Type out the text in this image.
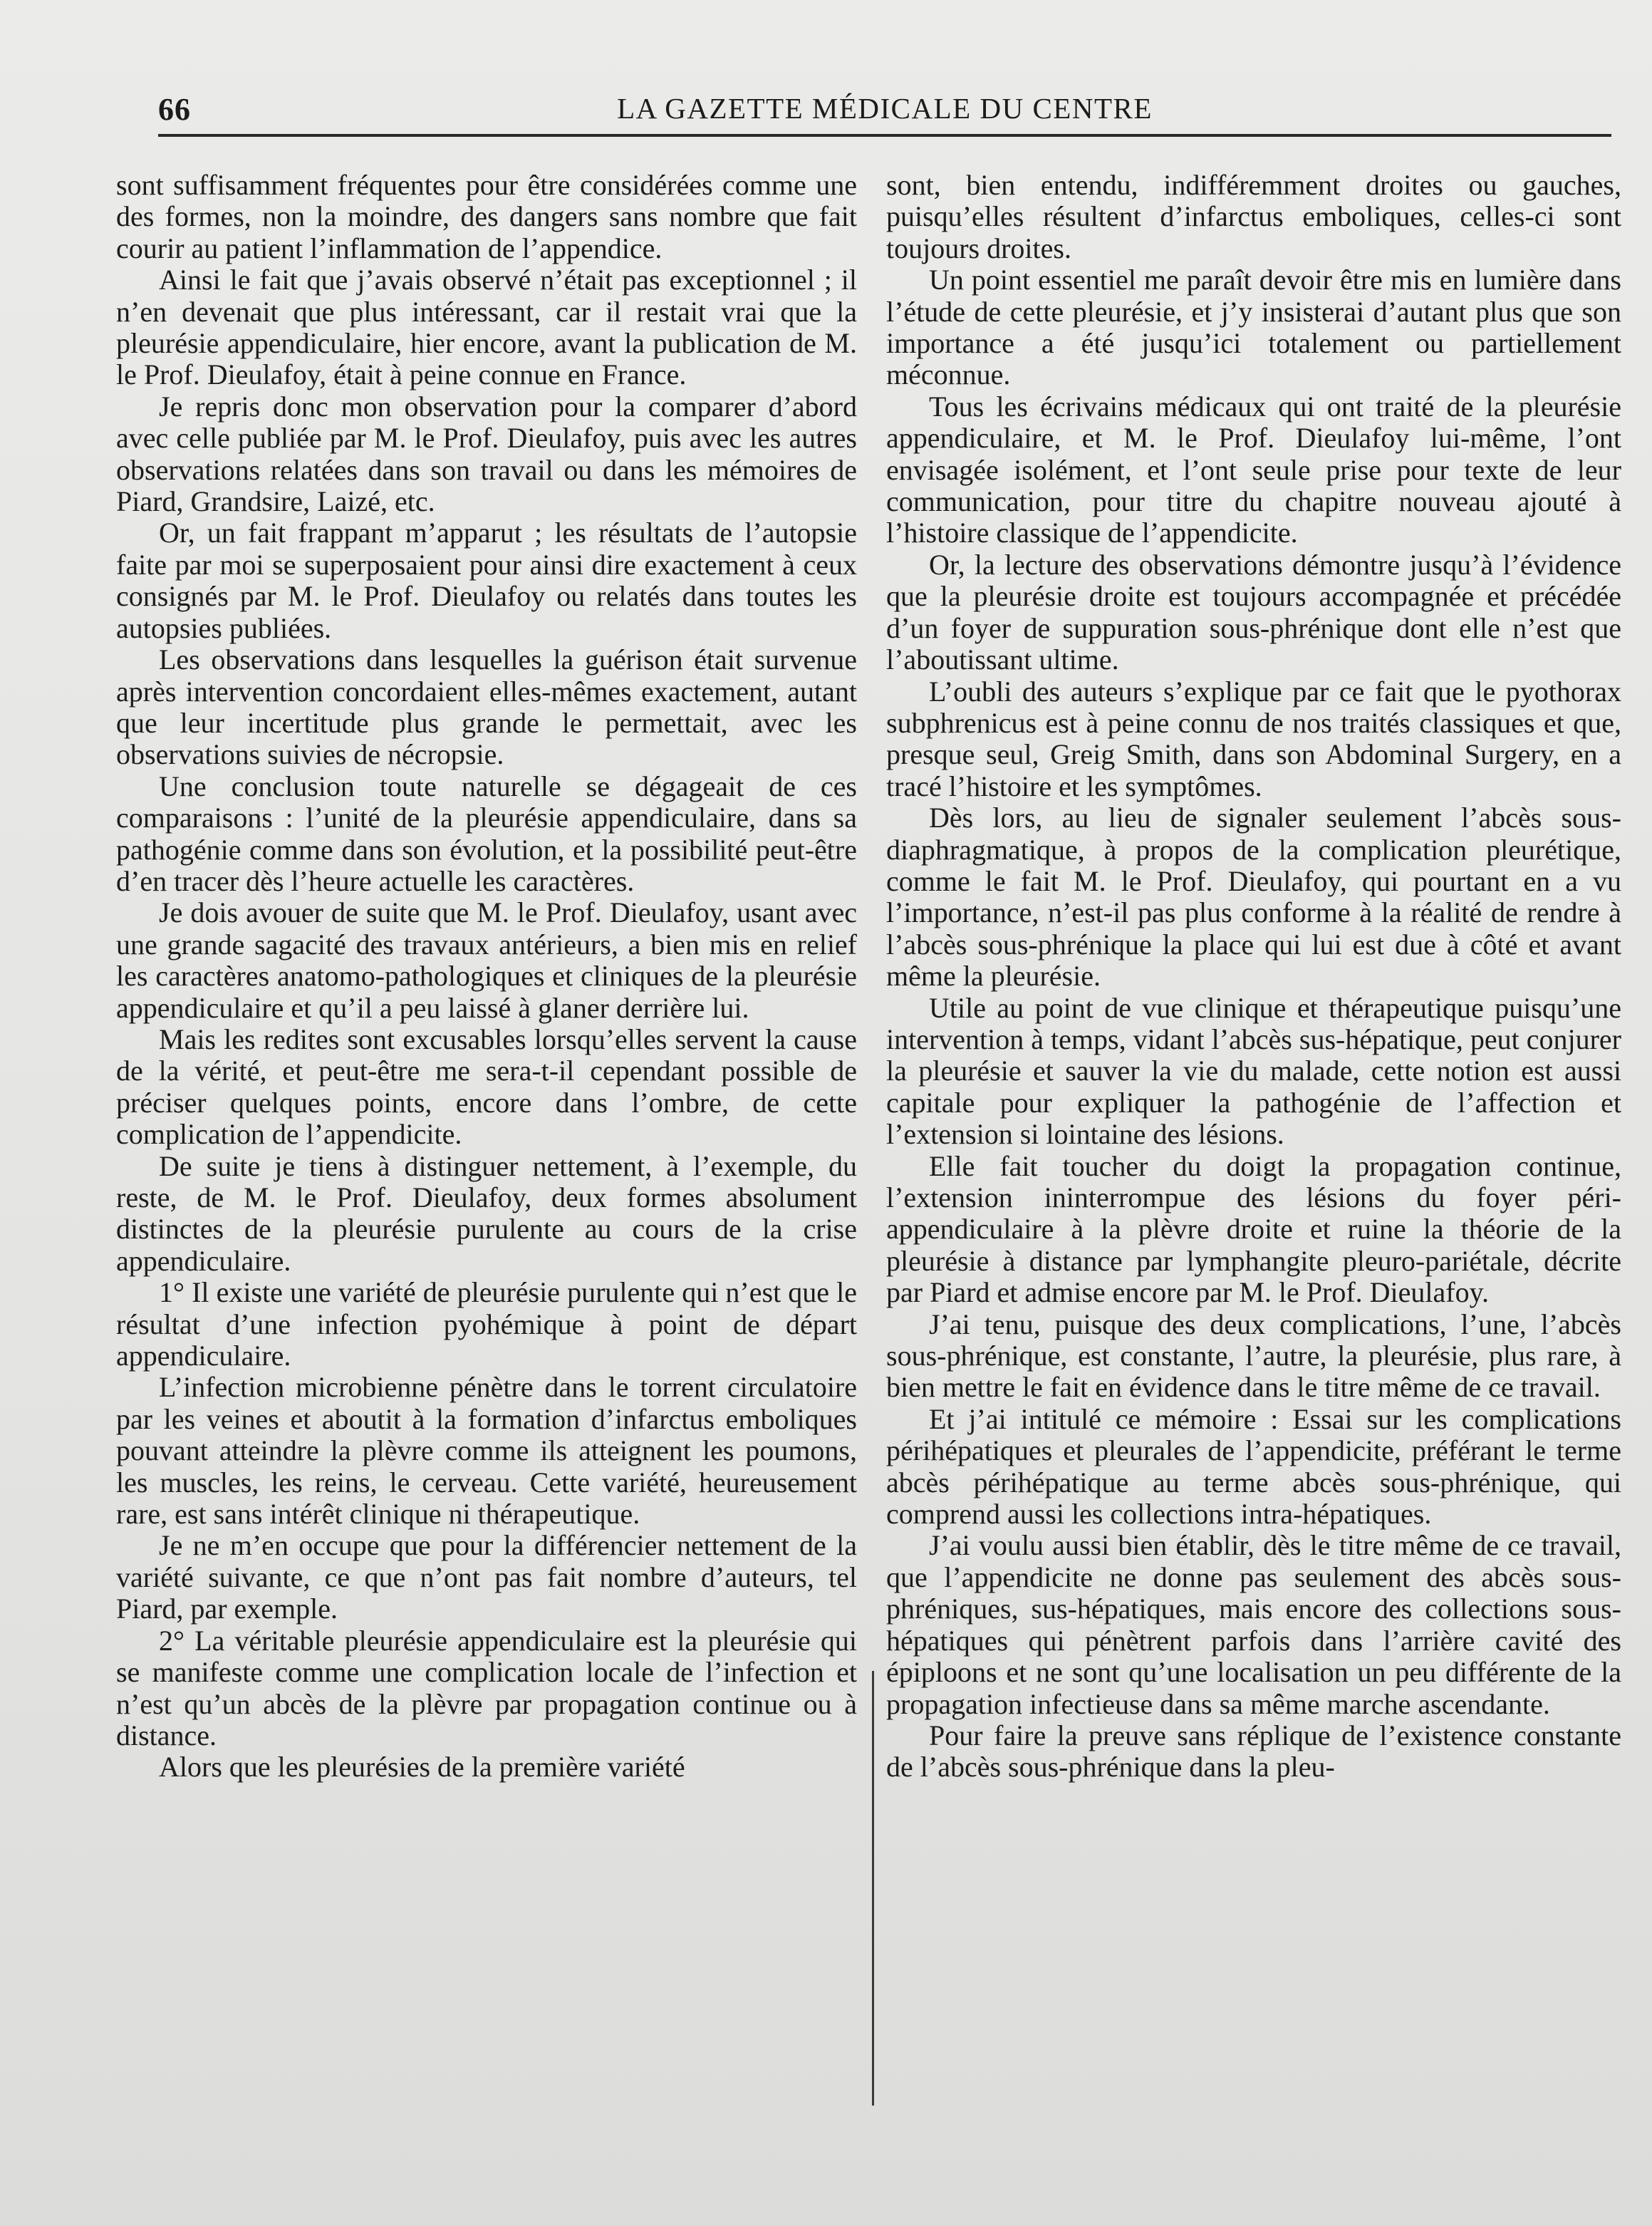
66	LA GAZETTE MÉDICALE DU CENTRE

sont suffisamment fréquentes pour être considérées comme une des formes, non la moindre, des dangers sans nombre que fait courir au patient l’inflammation de l’appendice.

Ainsi le fait que j’avais observé n’était pas exceptionnel ; il n’en devenait que plus intéressant, car il restait vrai que la pleurésie appendiculaire, hier encore, avant la publication de M. le Prof. Dieulafoy, était à peine connue en France.

Je repris donc mon observation pour la comparer d’abord avec celle publiée par M. le Prof. Dieulafoy, puis avec les autres observations relatées dans son travail ou dans les mémoires de Piard, Grandsire, Laizé, etc.

Or, un fait frappant m’apparut ; les résultats de l’autopsie faite par moi se superposaient pour ainsi dire exactement à ceux consignés par M. le Prof. Dieulafoy ou relatés dans toutes les autopsies publiées.

Les observations dans lesquelles la guérison était survenue après intervention concordaient elles-mêmes exactement, autant que leur incertitude plus grande le permettait, avec les observations suivies de nécropsie.

Une conclusion toute naturelle se dégageait de ces comparaisons : l’unité de la pleurésie appendiculaire, dans sa pathogénie comme dans son évolution, et la possibilité peut-être d’en tracer dès l’heure actuelle les caractères.

Je dois avouer de suite que M. le Prof. Dieulafoy, usant avec une grande sagacité des travaux antérieurs, a bien mis en relief les caractères anatomo-pathologiques et cliniques de la pleurésie appendiculaire et qu’il a peu laissé à glaner derrière lui.

Mais les redites sont excusables lorsqu’elles servent la cause de la vérité, et peut-être me sera-t-il cependant possible de préciser quelques points, encore dans l’ombre, de cette complication de l’appendicite.

De suite je tiens à distinguer nettement, à l’exemple, du reste, de M. le Prof. Dieulafoy, deux formes absolument distinctes de la pleurésie purulente au cours de la crise appendiculaire.

1° Il existe une variété de pleurésie purulente qui n’est que le résultat d’une infection pyohémique à point de départ appendiculaire.

L’infection microbienne pénètre dans le torrent circulatoire par les veines et aboutit à la formation d’infarctus emboliques pouvant atteindre la plèvre comme ils atteignent les poumons, les muscles, les reins, le cerveau. Cette variété, heureusement rare, est sans intérêt clinique ni thérapeutique.

Je ne m’en occupe que pour la différencier nettement de la variété suivante, ce que n’ont pas fait nombre d’auteurs, tel Piard, par exemple.

2° La véritable pleurésie appendiculaire est la pleurésie qui se manifeste comme une complication locale de l’infection et n’est qu’un abcès de la plèvre par propagation continue ou à distance.

Alors que les pleurésies de la première variété

sont, bien entendu, indifféremment droites ou gauches, puisqu’elles résultent d’infarctus emboliques, celles-ci sont toujours droites.

Un point essentiel me paraît devoir être mis en lumière dans l’étude de cette pleurésie, et j’y insisterai d’autant plus que son importance a été jusqu’ici totalement ou partiellement méconnue.

Tous les écrivains médicaux qui ont traité de la pleurésie appendiculaire, et M. le Prof. Dieulafoy lui-même, l’ont envisagée isolément, et l’ont seule prise pour texte de leur communication, pour titre du chapitre nouveau ajouté à l’histoire classique de l’appendicite.

Or, la lecture des observations démontre jusqu’à l’évidence que la pleurésie droite est toujours accompagnée et précédée d’un foyer de suppuration sous-phrénique dont elle n’est que l’aboutissant ultime.

L’oubli des auteurs s’explique par ce fait que le pyothorax subphrenicus est à peine connu de nos traités classiques et que, presque seul, Greig Smith, dans son Abdominal Surgery, en a tracé l’histoire et les symptômes.

Dès lors, au lieu de signaler seulement l’abcès sous-diaphragmatique, à propos de la complication pleurétique, comme le fait M. le Prof. Dieulafoy, qui pourtant en a vu l’importance, n’est-il pas plus conforme à la réalité de rendre à l’abcès sous-phrénique la place qui lui est due à côté et avant même la pleurésie.

Utile au point de vue clinique et thérapeutique puisqu’une intervention à temps, vidant l’abcès sus-hépatique, peut conjurer la pleurésie et sauver la vie du malade, cette notion est aussi capitale pour expliquer la pathogénie de l’affection et l’extension si lointaine des lésions.

Elle fait toucher du doigt la propagation continue, l’extension ininterrompue des lésions du foyer péri-appendiculaire à la plèvre droite et ruine la théorie de la pleurésie à distance par lymphangite pleuro-pariétale, décrite par Piard et admise encore par M. le Prof. Dieulafoy.

J’ai tenu, puisque des deux complications, l’une, l’abcès sous-phrénique, est constante, l’autre, la pleurésie, plus rare, à bien mettre le fait en évidence dans le titre même de ce travail.

Et j’ai intitulé ce mémoire : Essai sur les complications périhépatiques et pleurales de l’appendicite, préférant le terme abcès périhépatique au terme abcès sous-phrénique, qui comprend aussi les collections intra-hépatiques.

J’ai voulu aussi bien établir, dès le titre même de ce travail, que l’appendicite ne donne pas seulement des abcès sous-phréniques, sus-hépatiques, mais encore des collections sous-hépatiques qui pénètrent parfois dans l’arrière cavité des épiploons et ne sont qu’une localisation un peu différente de la propagation infectieuse dans sa même marche ascendante.

Pour faire la preuve sans réplique de l’existence constante de l’abcès sous-phrénique dans la pleu-
